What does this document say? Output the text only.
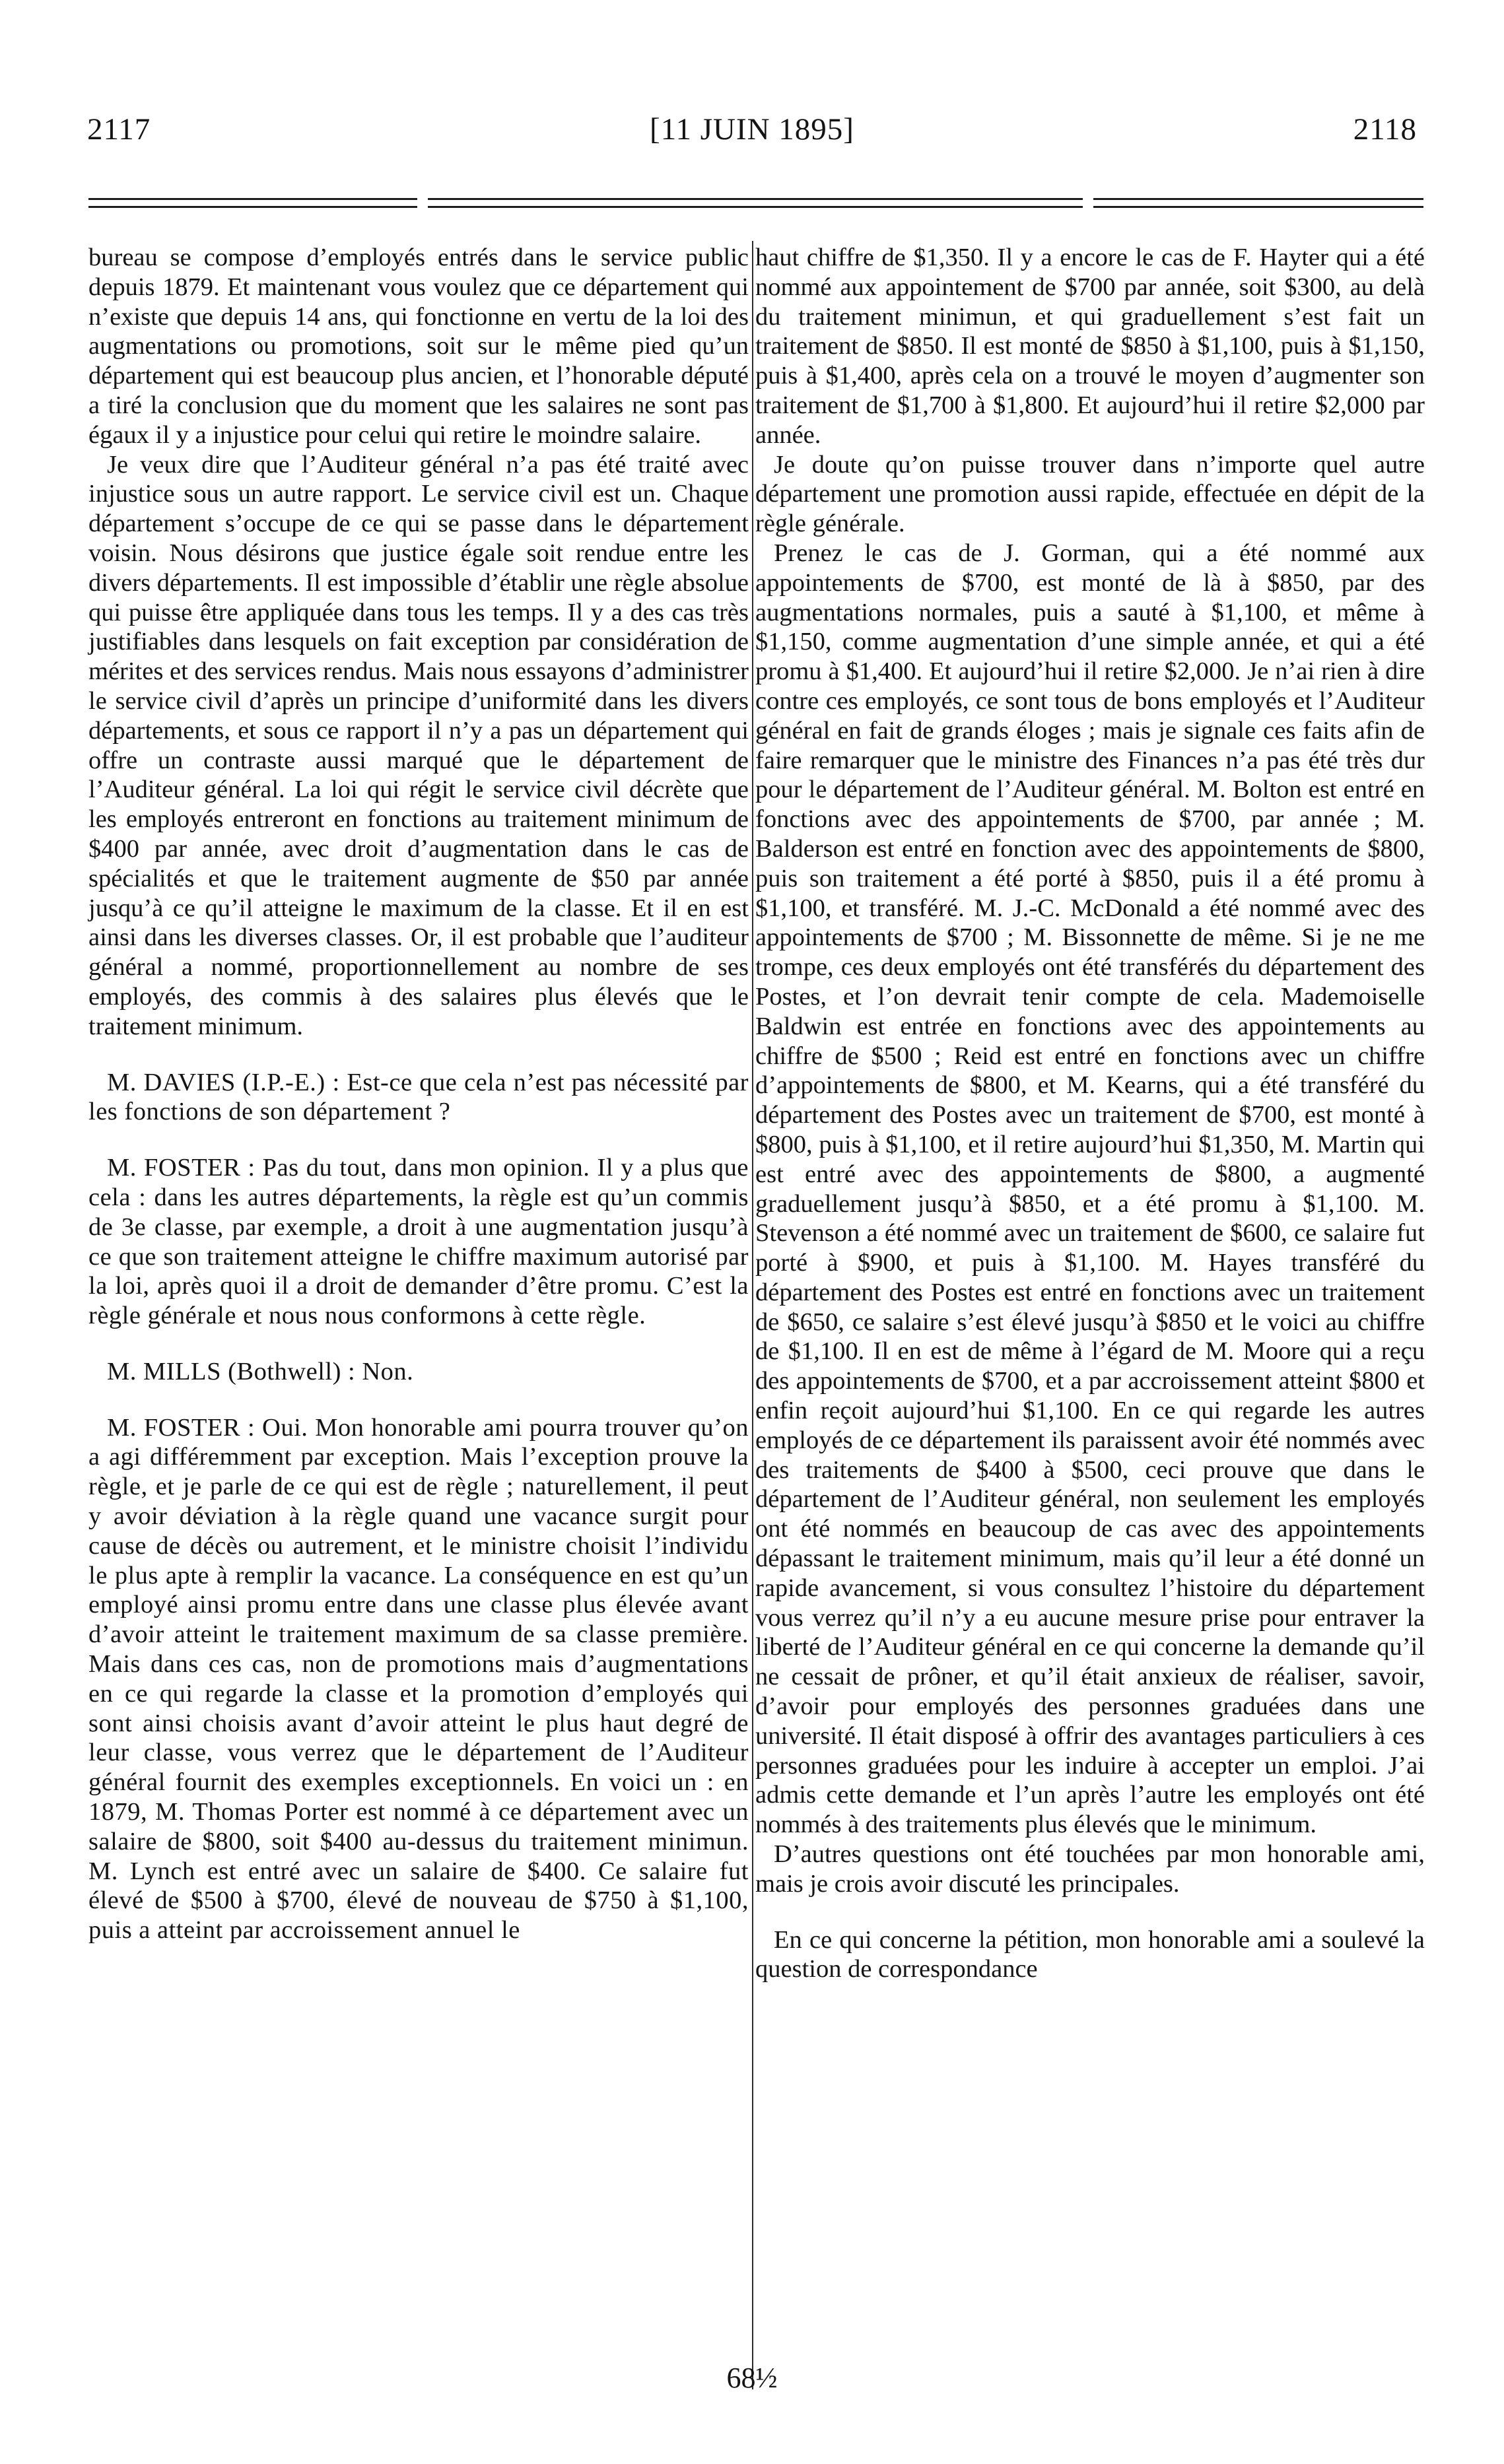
2117	[11 JUIN 1895]	2118

bureau se compose d’employés entrés dans le service public depuis 1879. Et maintenant vous voulez que ce département qui n’existe que depuis 14 ans, qui fonctionne en vertu de la loi des augmentations ou promotions, soit sur le même pied qu’un département qui est beaucoup plus ancien, et l’honorable député a tiré la conclusion que du moment que les salaires ne sont pas égaux il y a injustice pour celui qui retire le moindre salaire.

Je veux dire que l’Auditeur général n’a pas été traité avec injustice sous un autre rapport. Le service civil est un. Chaque département s’occupe de ce qui se passe dans le département voisin. Nous désirons que justice égale soit rendue entre les divers départements. Il est impossible d’établir une règle absolue qui puisse être appliquée dans tous les temps. Il y a des cas très justifiables dans lesquels on fait exception par considération de mérites et des services rendus. Mais nous essayons d’administrer le service civil d’après un principe d’uniformité dans les divers départements, et sous ce rapport il n’y a pas un département qui offre un contraste aussi marqué que le département de l’Auditeur général. La loi qui régit le service civil décrète que les employés entreront en fonctions au traitement minimum de $400 par année, avec droit d’augmentation dans le cas de spécialités et que le traitement augmente de $50 par année jusqu’à ce qu’il atteigne le maximum de la classe. Et il en est ainsi dans les diverses classes. Or, il est probable que l’auditeur général a nommé, proportionnellement au nombre de ses employés, des commis à des salaires plus élevés que le traitement minimum.

M. DAVIES (I.P.-E.) : Est-ce que cela n’est pas nécessité par les fonctions de son département ?

M. FOSTER : Pas du tout, dans mon opinion. Il y a plus que cela : dans les autres départements, la règle est qu’un commis de 3e classe, par exemple, a droit à une augmentation jusqu’à ce que son traitement atteigne le chiffre maximum autorisé par la loi, après quoi il a droit de demander d’être promu. C’est la règle générale et nous nous conformons à cette règle.

M. MILLS (Bothwell) : Non.

M. FOSTER : Oui. Mon honorable ami pourra trouver qu’on a agi différemment par exception. Mais l’exception prouve la règle, et je parle de ce qui est de règle ; naturellement, il peut y avoir déviation à la règle quand une vacance surgit pour cause de décès ou autrement, et le ministre choisit l’individu le plus apte à remplir la vacance. La conséquence en est qu’un employé ainsi promu entre dans une classe plus élevée avant d’avoir atteint le traitement maximum de sa classe première. Mais dans ces cas, non de promotions mais d’augmentations en ce qui regarde la classe et la promotion d’employés qui sont ainsi choisis avant d’avoir atteint le plus haut degré de leur classe, vous verrez que le département de l’Auditeur général fournit des exemples exceptionnels. En voici un : en 1879, M. Thomas Porter est nommé à ce département avec un salaire de $800, soit $400 au-dessus du traitement minimun. M. Lynch est entré avec un salaire de $400. Ce salaire fut élevé de $500 à $700, élevé de nouveau de $750 à $1,100, puis a atteint par accroissement annuel le

haut chiffre de $1,350. Il y a encore le cas de F. Hayter qui a été nommé aux appointement de $700 par année, soit $300, au delà du traitement minimun, et qui graduellement s’est fait un traitement de $850. Il est monté de $850 à $1,100, puis à $1,150, puis à $1,400, après cela on a trouvé le moyen d’augmenter son traitement de $1,700 à $1,800. Et aujourd’hui il retire $2,000 par année.

Je doute qu’on puisse trouver dans n’importe quel autre département une promotion aussi rapide, effectuée en dépit de la règle générale.

Prenez le cas de J. Gorman, qui a été nommé aux appointements de $700, est monté de là à $850, par des augmentations normales, puis a sauté à $1,100, et même à $1,150, comme augmentation d’une simple année, et qui a été promu à $1,400. Et aujourd’hui il retire $2,000. Je n’ai rien à dire contre ces employés, ce sont tous de bons employés et l’Auditeur général en fait de grands éloges ; mais je signale ces faits afin de faire remarquer que le ministre des Finances n’a pas été très dur pour le département de l’Auditeur général. M. Bolton est entré en fonctions avec des appointements de $700, par année ; M. Balderson est entré en fonction avec des appointements de $800, puis son traitement a été porté à $850, puis il a été promu à $1,100, et transféré. M. J.-C. McDonald a été nommé avec des appointements de $700 ; M. Bissonnette de même. Si je ne me trompe, ces deux employés ont été transférés du département des Postes, et l’on devrait tenir compte de cela. Mademoiselle Baldwin est entrée en fonctions avec des appointements au chiffre de $500 ; Reid est entré en fonctions avec un chiffre d’appointements de $800, et M. Kearns, qui a été transféré du département des Postes avec un traitement de $700, est monté à $800, puis à $1,100, et il retire aujourd’hui $1,350, M. Martin qui est entré avec des appointements de $800, a augmenté graduellement jusqu’à $850, et a été promu à $1,100. M. Stevenson a été nommé avec un traitement de $600, ce salaire fut porté à $900, et puis à $1,100. M. Hayes transféré du département des Postes est entré en fonctions avec un traitement de $650, ce salaire s’est élevé jusqu’à $850 et le voici au chiffre de $1,100. Il en est de même à l’égard de M. Moore qui a reçu des appointements de $700, et a par accroissement atteint $800 et enfin reçoit aujourd’hui $1,100. En ce qui regarde les autres employés de ce département ils paraissent avoir été nommés avec des traitements de $400 à $500, ceci prouve que dans le département de l’Auditeur général, non seulement les employés ont été nommés en beaucoup de cas avec des appointements dépassant le traitement minimum, mais qu’il leur a été donné un rapide avancement, si vous consultez l’histoire du département vous verrez qu’il n’y a eu aucune mesure prise pour entraver la liberté de l’Auditeur général en ce qui concerne la demande qu’il ne cessait de prôner, et qu’il était anxieux de réaliser, savoir, d’avoir pour employés des personnes graduées dans une université. Il était disposé à offrir des avantages particuliers à ces personnes graduées pour les induire à accepter un emploi. J’ai admis cette demande et l’un après l’autre les employés ont été nommés à des traitements plus élevés que le minimum.

D’autres questions ont été touchées par mon honorable ami, mais je crois avoir discuté les principales.

En ce qui concerne la pétition, mon honorable ami a soulevé la question de correspondance

68½
